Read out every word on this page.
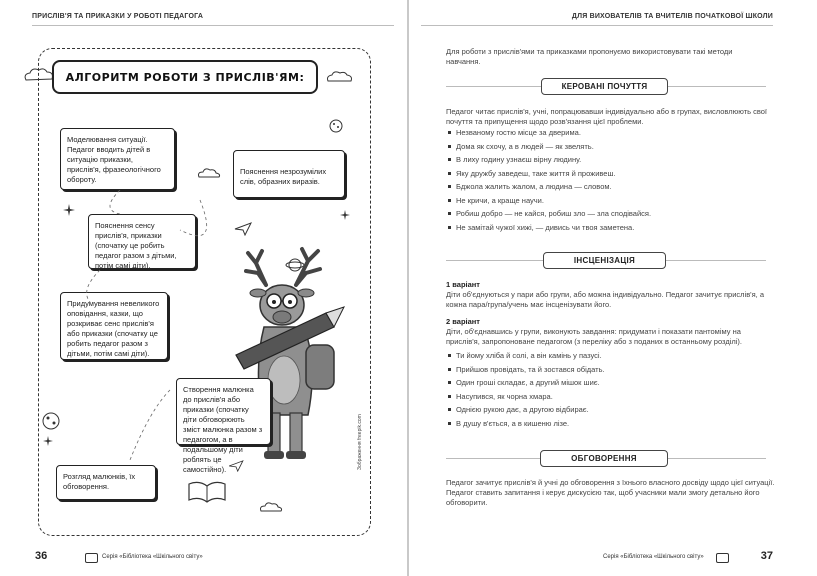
ПРИСЛІВ'Я ТА ПРИКАЗКИ У РОБОТІ ПЕДАГОГА
АЛГОРИТМ РОБОТИ З ПРИСЛІВ'ЯМ:
Моделювання ситуації. Педагог вводить дітей в ситуацію приказки, прислів'я, фразеологічного обороту.
Пояснення незрозумілих слів, образних виразів.
Пояснення сенсу прислів'я, приказки (спочатку це робить педагог разом з дітьми, потім самі діти).
Придумування невеликого оповідання, казки, що розкриває сенс прислів'я або приказки (спочатку це робить педагог разом з дітьми, потім самі діти).
Створення малюнка до прислів'я або приказки (спочатку діти обговорюють зміст малюнка разом з педагогом, а в подальшому діти роблять це самостійно).
Розгляд малюнків, їх обговорення.
Зображення freepik.com
36	Серія «Бібліотека «Шкільного світу»
ДЛЯ ВИХОВАТЕЛІВ ТА ВЧИТЕЛІВ ПОЧАТКОВОЇ ШКОЛИ
Для роботи з прислів'ями та приказками пропонуємо використовувати такі методи навчання.
КЕРОВАНІ ПОЧУТТЯ
Педагог читає прислів'я, учні, попрацювавши індивідуально або в групах, висловлюють свої почуття та припущення щодо розв'язання цієї проблеми.
Незваному гостю місце за дверима.
Дома як схочу, а в людей — як звелять.
В лиху годину узнаєш вірну людину.
Яку дружбу заведеш, таке життя й проживеш.
Бджола жалить жалом, а людина — словом.
Не кричи, а краще научи.
Робиш добро — не кайся, робиш зло — зла сподівайся.
Не замітай чужої хижі, — дивись чи твоя заметена.
ІНСЦЕНІЗАЦІЯ
1 варіант
Діти об'єднуються у пари або групи, або можна індивідуально. Педагог зачитує прислів'я, а кожна пара/група/учень має інсценізувати його.
2 варіант
Діти, об'єднавшись у групи, виконують завдання: придумати і показати пантоміму на прислів'я, запропоноване педагогом (з переліку або з поданих в останньому розділі).
Ти йому хліба й солі, а він камінь у пазусі.
Прийшов провідать, та й зостався обідать.
Один гроші складає, а другий мішок шиє.
Насупився, як чорна хмара.
Однією рукою дає, а другою відбирає.
В душу в'ється, а в кишеню лізе.
ОБГОВОРЕННЯ
Педагог зачитує прислів'я й учні до обговорення з їхнього власного досвіду щодо цієї ситуації. Педагог ставить запитання і керує дискусією так, щоб учасники мали змогу детально його обговорити.
Серія «Бібліотека «Шкільного світу»	37
